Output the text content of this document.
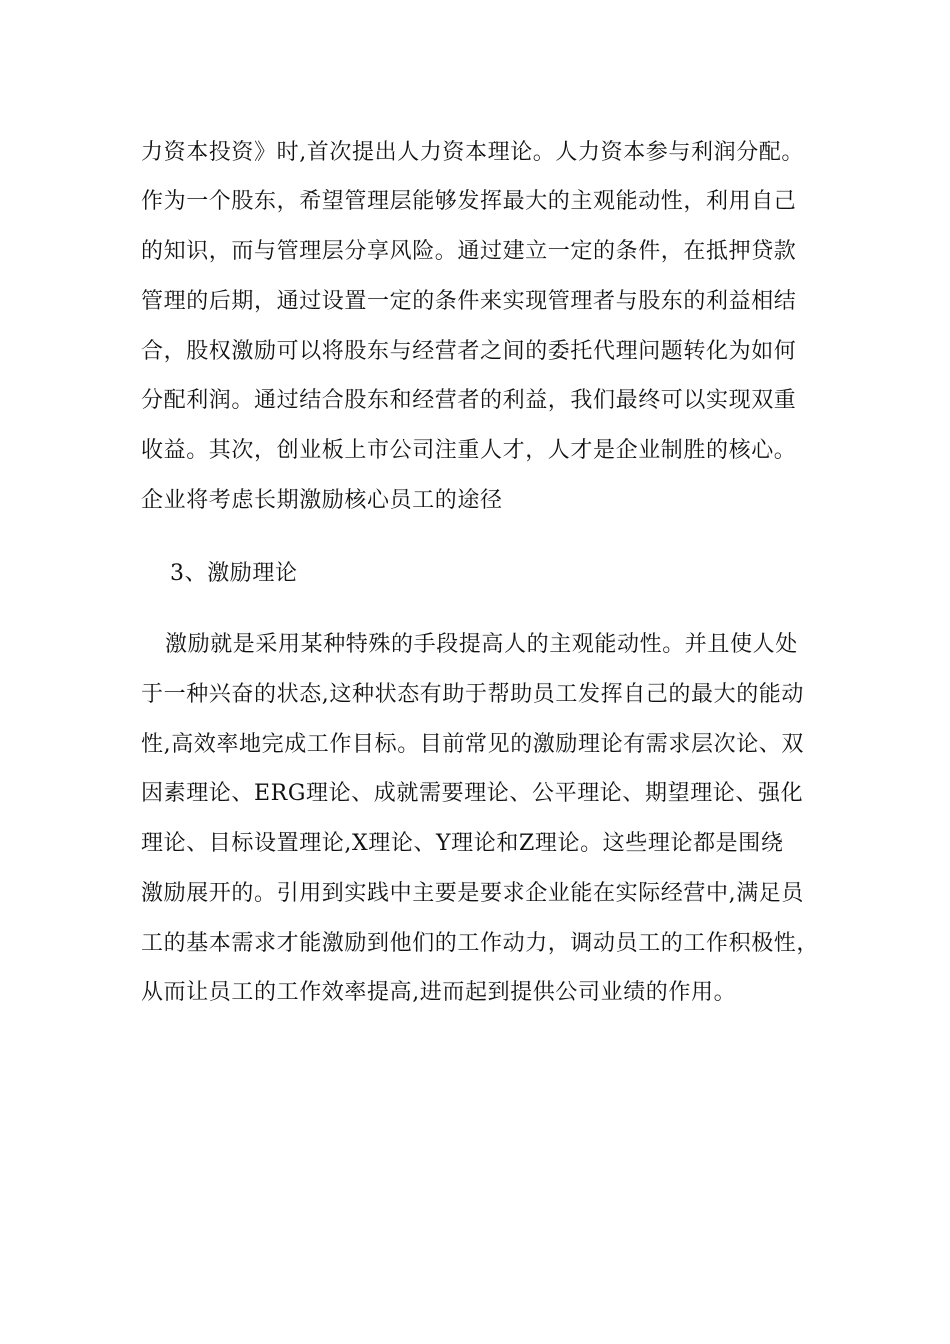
力资本投资》时,首次提出人力资本理论。人力资本参与利润分配。
作为一个股东，希望管理层能够发挥最大的主观能动性，利用自己
的知识，而与管理层分享风险。通过建立一定的条件，在抵押贷款
管理的后期，通过设置一定的条件来实现管理者与股东的利益相结
合，股权激励可以将股东与经营者之间的委托代理问题转化为如何
分配利润。通过结合股东和经营者的利益，我们最终可以实现双重
收益。其次，创业板上市公司注重人才，人才是企业制胜的核心。
企业将考虑长期激励核心员工的途径
3、激励理论
激励就是采用某种特殊的手段提高人的主观能动性。并且使人处
于一种兴奋的状态,这种状态有助于帮助员工发挥自己的最大的能动
性,高效率地完成工作目标。目前常见的激励理论有需求层次论、双
因素理论、ERG理论、成就需要理论、公平理论、期望理论、强化
理论、目标设置理论,X理论、Y理论和Z理论。这些理论都是围绕
激励展开的。引用到实践中主要是要求企业能在实际经营中,满足员
工的基本需求才能激励到他们的工作动力，调动员工的工作积极性，
从而让员工的工作效率提高,进而起到提供公司业绩的作用。
